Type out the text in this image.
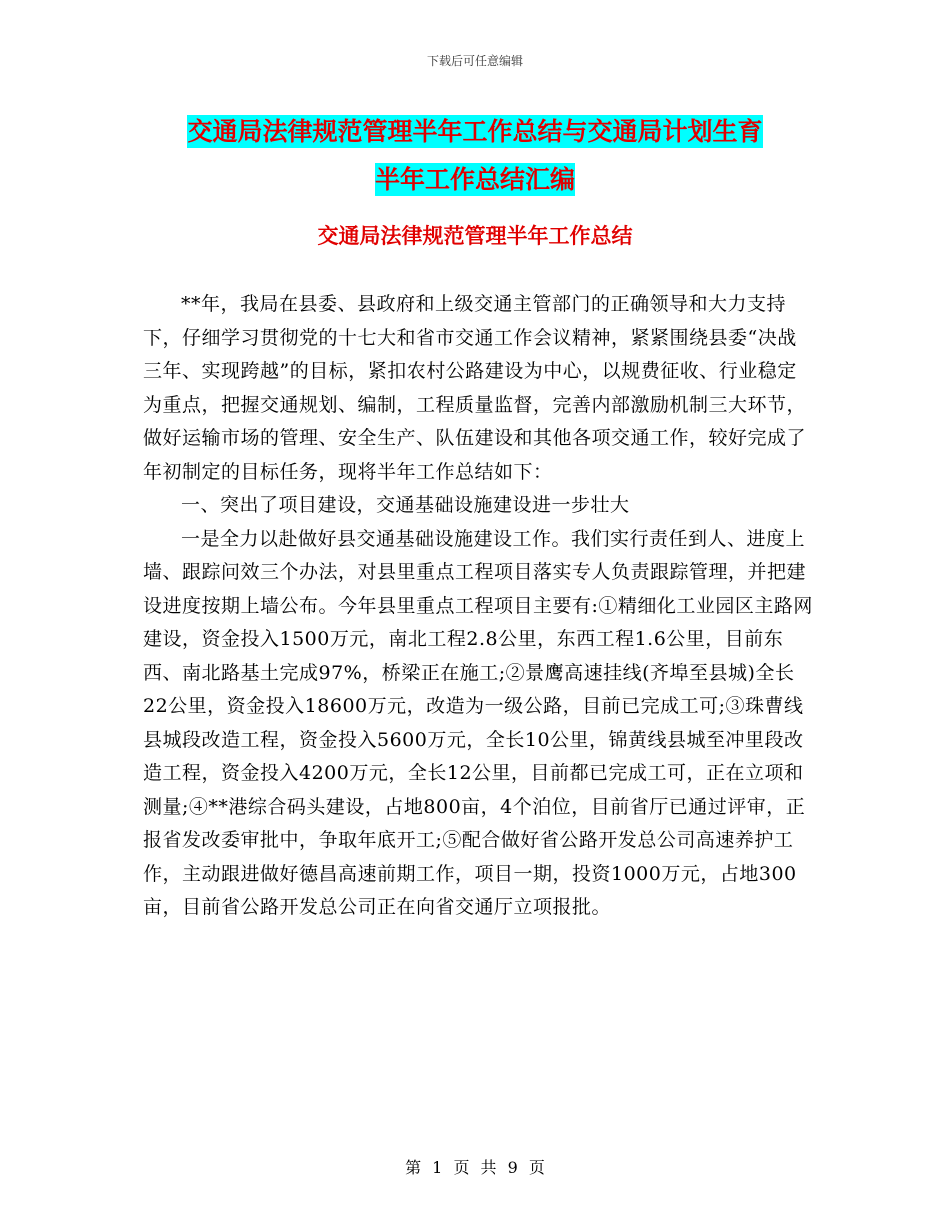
下载后可任意编辑
交通局法律规范管理半年工作总结与交通局计划生育
半年工作总结汇编
交通局法律规范管理半年工作总结

**年，我局在县委、县政府和上级交通主管部门的正确领导和大力支持下，仔细学习贯彻党的十七大和省市交通工作会议精神，紧紧围绕县委“决战三年、实现跨越”的目标，紧扣农村公路建设为中心，以规费征收、行业稳定为重点，把握交通规划、编制，工程质量监督，完善内部激励机制三大环节，做好运输市场的管理、安全生产、队伍建设和其他各项交通工作，较好完成了年初制定的目标任务，现将半年工作总结如下：

一、突出了项目建设，交通基础设施建设进一步壮大

一是全力以赴做好县交通基础设施建设工作。我们实行责任到人、进度上墙、跟踪问效三个办法，对县里重点工程项目落实专人负责跟踪管理，并把建设进度按期上墙公布。今年县里重点工程项目主要有:①精细化工业园区主路网建设，资金投入1500万元，南北工程2.8公里，东西工程1.6公里，目前东西、南北路基土完成97%，桥梁正在施工;②景鹰高速挂线(齐埠至县城)全长22公里，资金投入18600万元，改造为一级公路，目前已完成工可;③珠曹线县城段改造工程，资金投入5600万元，全长10公里，锦黄线县城至冲里段改造工程，资金投入4200万元，全长12公里，目前都已完成工可，正在立项和测量;④**港综合码头建设，占地800亩，4个泊位，目前省厅已通过评审，正报省发改委审批中，争取年底开工;⑤配合做好省公路开发总公司高速养护工作，主动跟进做好德昌高速前期工作，项目一期，投资1000万元，占地300亩，目前省公路开发总公司正在向省交通厅立项报批。

第 1 页 共 9 页
